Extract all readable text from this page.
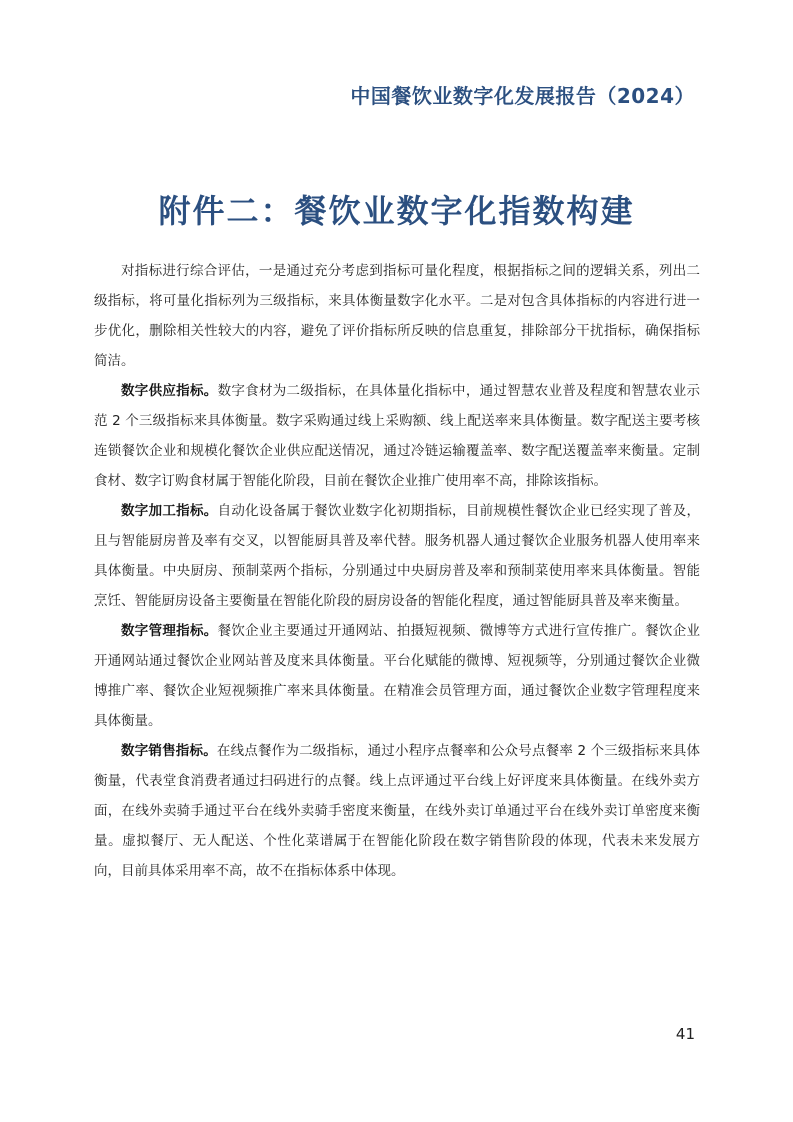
中国餐饮业数字化发展报告（2024）
附件二：餐饮业数字化指数构建

对指标进行综合评估，一是通过充分考虑到指标可量化程度，根据指标之间的逻辑关系，列出二级指标，将可量化指标列为三级指标，来具体衡量数字化水平。二是对包含具体指标的内容进行进一步优化，删除相关性较大的内容，避免了评价指标所反映的信息重复，排除部分干扰指标，确保指标简洁。

数字供应指标。数字食材为二级指标，在具体量化指标中，通过智慧农业普及程度和智慧农业示范 2 个三级指标来具体衡量。数字采购通过线上采购额、线上配送率来具体衡量。数字配送主要考核连锁餐饮企业和规模化餐饮企业供应配送情况，通过冷链运输覆盖率、数字配送覆盖率来衡量。定制食材、数字订购食材属于智能化阶段，目前在餐饮企业推广使用率不高，排除该指标。

数字加工指标。自动化设备属于餐饮业数字化初期指标，目前规模性餐饮企业已经实现了普及，且与智能厨房普及率有交叉，以智能厨具普及率代替。服务机器人通过餐饮企业服务机器人使用率来具体衡量。中央厨房、预制菜两个指标，分别通过中央厨房普及率和预制菜使用率来具体衡量。智能烹饪、智能厨房设备主要衡量在智能化阶段的厨房设备的智能化程度，通过智能厨具普及率来衡量。

数字管理指标。餐饮企业主要通过开通网站、拍摄短视频、微博等方式进行宣传推广。餐饮企业开通网站通过餐饮企业网站普及度来具体衡量。平台化赋能的微博、短视频等，分别通过餐饮企业微博推广率、餐饮企业短视频推广率来具体衡量。在精准会员管理方面，通过餐饮企业数字管理程度来具体衡量。

数字销售指标。在线点餐作为二级指标，通过小程序点餐率和公众号点餐率 2 个三级指标来具体衡量，代表堂食消费者通过扫码进行的点餐。线上点评通过平台线上好评度来具体衡量。在线外卖方面，在线外卖骑手通过平台在线外卖骑手密度来衡量，在线外卖订单通过平台在线外卖订单密度来衡量。虚拟餐厅、无人配送、个性化菜谱属于在智能化阶段在数字销售阶段的体现，代表未来发展方向，目前具体采用率不高，故不在指标体系中体现。

41
